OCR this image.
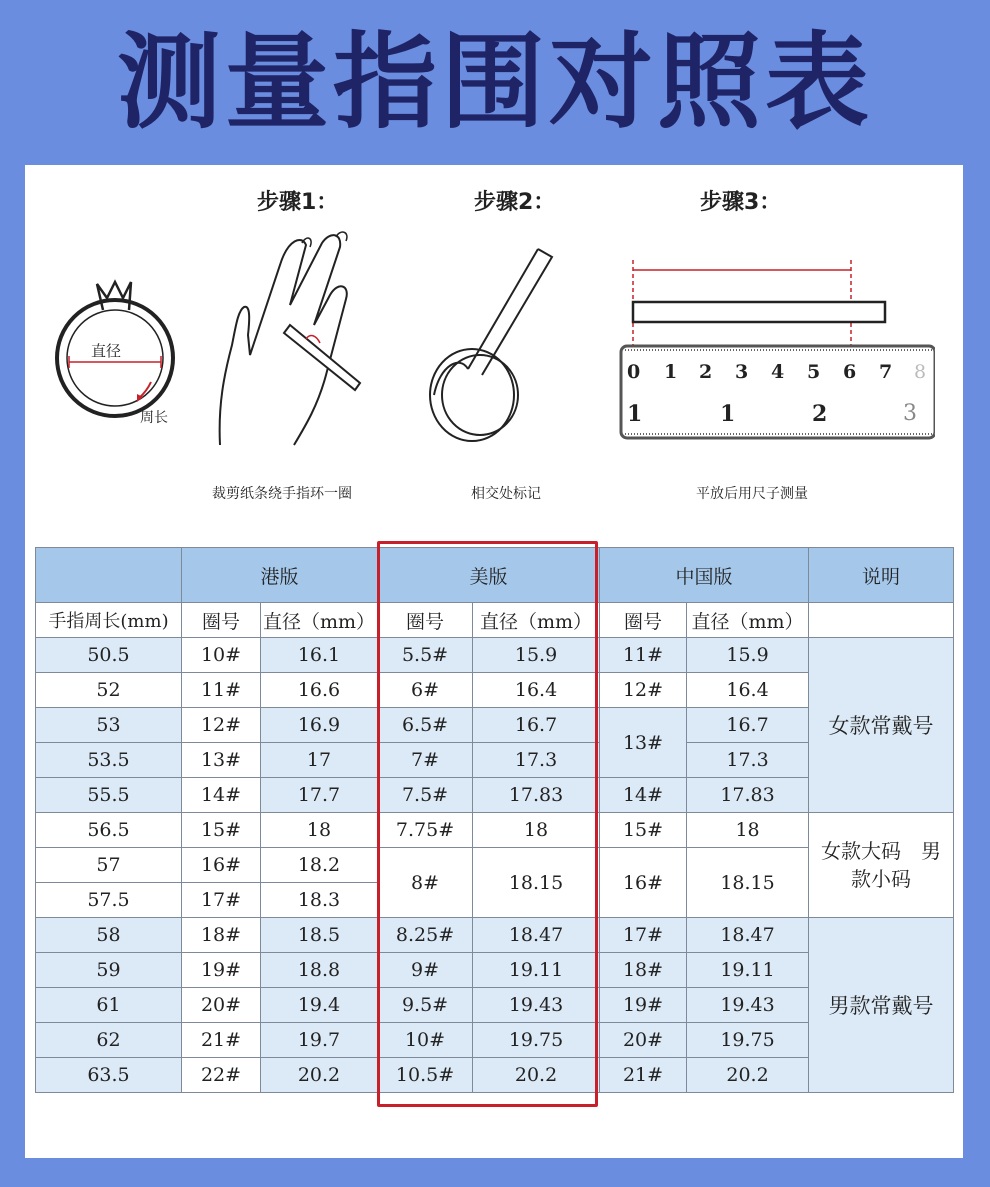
测量指围对照表
步骤1：	步骤2：	步骤3：
直径
周长
0 1 2 3 4 5 6 7 8
1	1	2	3
裁剪纸条绕手指环一圈	相交处标记	平放后用尺子测量
	港版		美版		中国版		说明
手指周长(mm)	圈号	直径（mm）	圈号	直径（mm）	圈号	直径（mm）	
50.5	10#	16.1	5.5#	15.9	11#	15.9	女款常戴号
52	11#	16.6	6#	16.4	12#	16.4	
53	12#	16.9	6.5#	16.7	13#	16.7	
53.5	13#	17	7#	17.3		17.3	
55.5	14#	17.7	7.5#	17.83	14#	17.83	
56.5	15#	18	7.75#	18	15#	18	女款大码　男款小码
57	16#	18.2	8#	18.15	16#	18.15	
57.5	17#	18.3					
58	18#	18.5	8.25#	18.47	17#	18.47	男款常戴号
59	19#	18.8	9#	19.11	18#	19.11	
61	20#	19.4	9.5#	19.43	19#	19.43	
62	21#	19.7	10#	19.75	20#	19.75	
63.5	22#	20.2	10.5#	20.2	21#	20.2	
